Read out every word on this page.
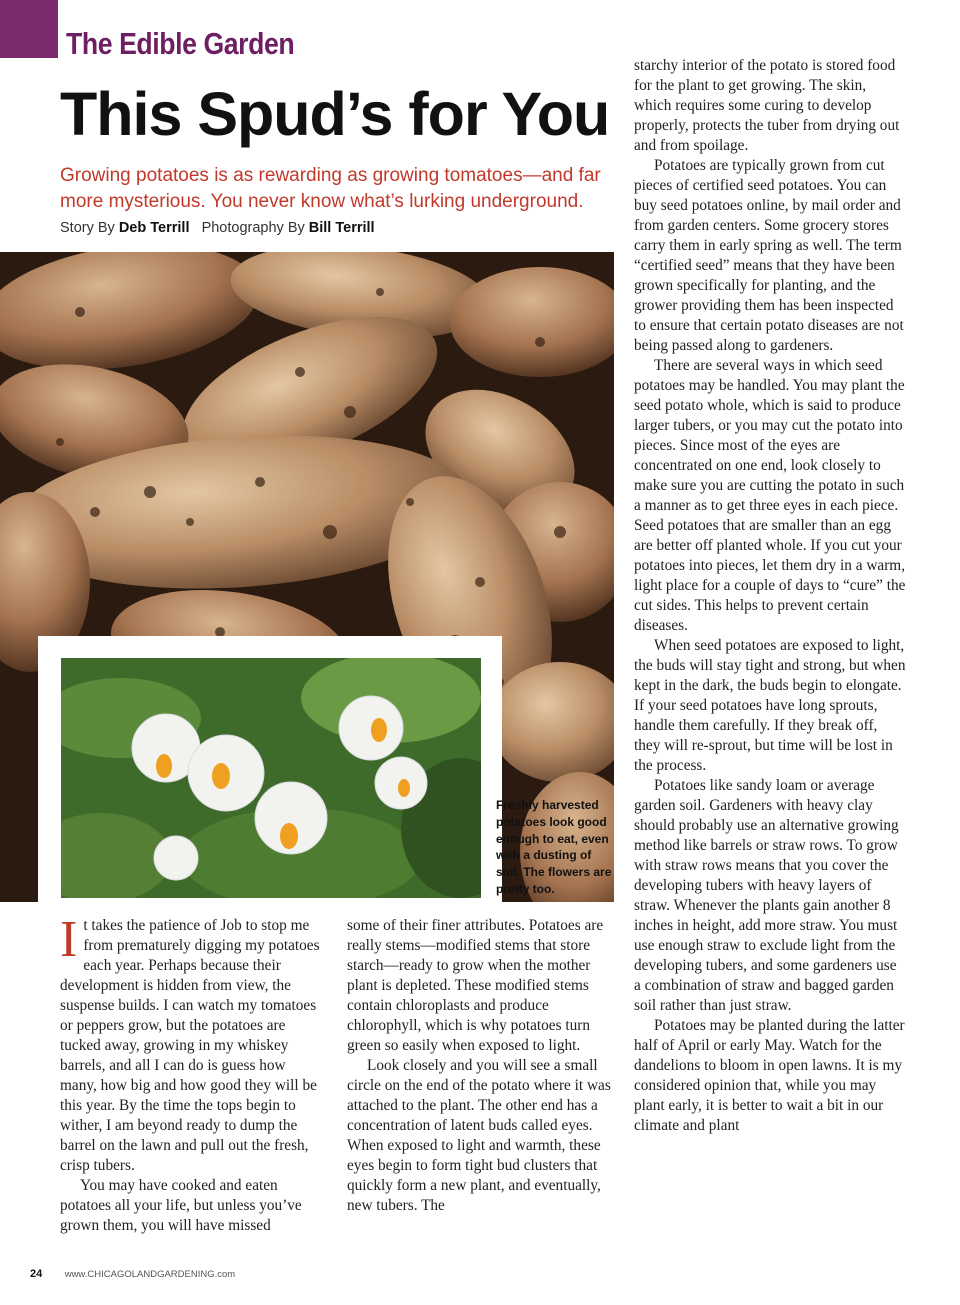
The Edible Garden
This Spud’s for You

Growing potatoes is as rewarding as growing tomatoes—and far more mysterious. You never know what’s lurking underground.

Story By Deb Terrill Photography By Bill Terrill

Freshly harvested potatoes look good enough to eat, even with a dusting of soil. The flowers are pretty too.

It takes the patience of Job to stop me from prematurely digging my potatoes each year. Perhaps because their development is hidden from view, the suspense builds. I can watch my tomatoes or peppers grow, but the potatoes are tucked away, growing in my whiskey barrels, and all I can do is guess how many, how big and how good they will be this year. By the time the tops begin to wither, I am beyond ready to dump the barrel on the lawn and pull out the fresh, crisp tubers.

You may have cooked and eaten potatoes all your life, but unless you’ve grown them, you will have missed

some of their finer attributes. Potatoes are really stems—modified stems that store starch—ready to grow when the mother plant is depleted. These modified stems contain chloroplasts and produce chlorophyll, which is why potatoes turn green so easily when exposed to light.

Look closely and you will see a small circle on the end of the potato where it was attached to the plant. The other end has a concentration of latent buds called eyes. When exposed to light and warmth, these eyes begin to form tight bud clusters that quickly form a new plant, and eventually, new tubers. The

starchy interior of the potato is stored food for the plant to get growing. The skin, which requires some curing to develop properly, protects the tuber from drying out and from spoilage.

Potatoes are typically grown from cut pieces of certified seed potatoes. You can buy seed potatoes online, by mail order and from garden centers. Some grocery stores carry them in early spring as well. The term “certified seed” means that they have been grown specifically for planting, and the grower providing them has been inspected to ensure that certain potato diseases are not being passed along to gardeners.

There are several ways in which seed potatoes may be handled. You may plant the seed potato whole, which is said to produce larger tubers, or you may cut the potato into pieces. Since most of the eyes are concentrated on one end, look closely to make sure you are cutting the potato in such a manner as to get three eyes in each piece. Seed potatoes that are smaller than an egg are better off planted whole. If you cut your potatoes into pieces, let them dry in a warm, light place for a couple of days to “cure” the cut sides. This helps to prevent certain diseases.

When seed potatoes are exposed to light, the buds will stay tight and strong, but when kept in the dark, the buds begin to elongate. If your seed potatoes have long sprouts, handle them carefully. If they break off, they will re-sprout, but time will be lost in the process.

Potatoes like sandy loam or average garden soil. Gardeners with heavy clay should probably use an alternative growing method like barrels or straw rows. To grow with straw rows means that you cover the developing tubers with heavy layers of straw. Whenever the plants gain another 8 inches in height, add more straw. You must use enough straw to exclude light from the developing tubers, and some gardeners use a combination of straw and bagged garden soil rather than just straw.

Potatoes may be planted during the latter half of April or early May. Watch for the dandelions to bloom in open lawns. It is my considered opinion that, while you may plant early, it is better to wait a bit in our climate and plant

24 www.CHICAGOLANDGARDENING.com
